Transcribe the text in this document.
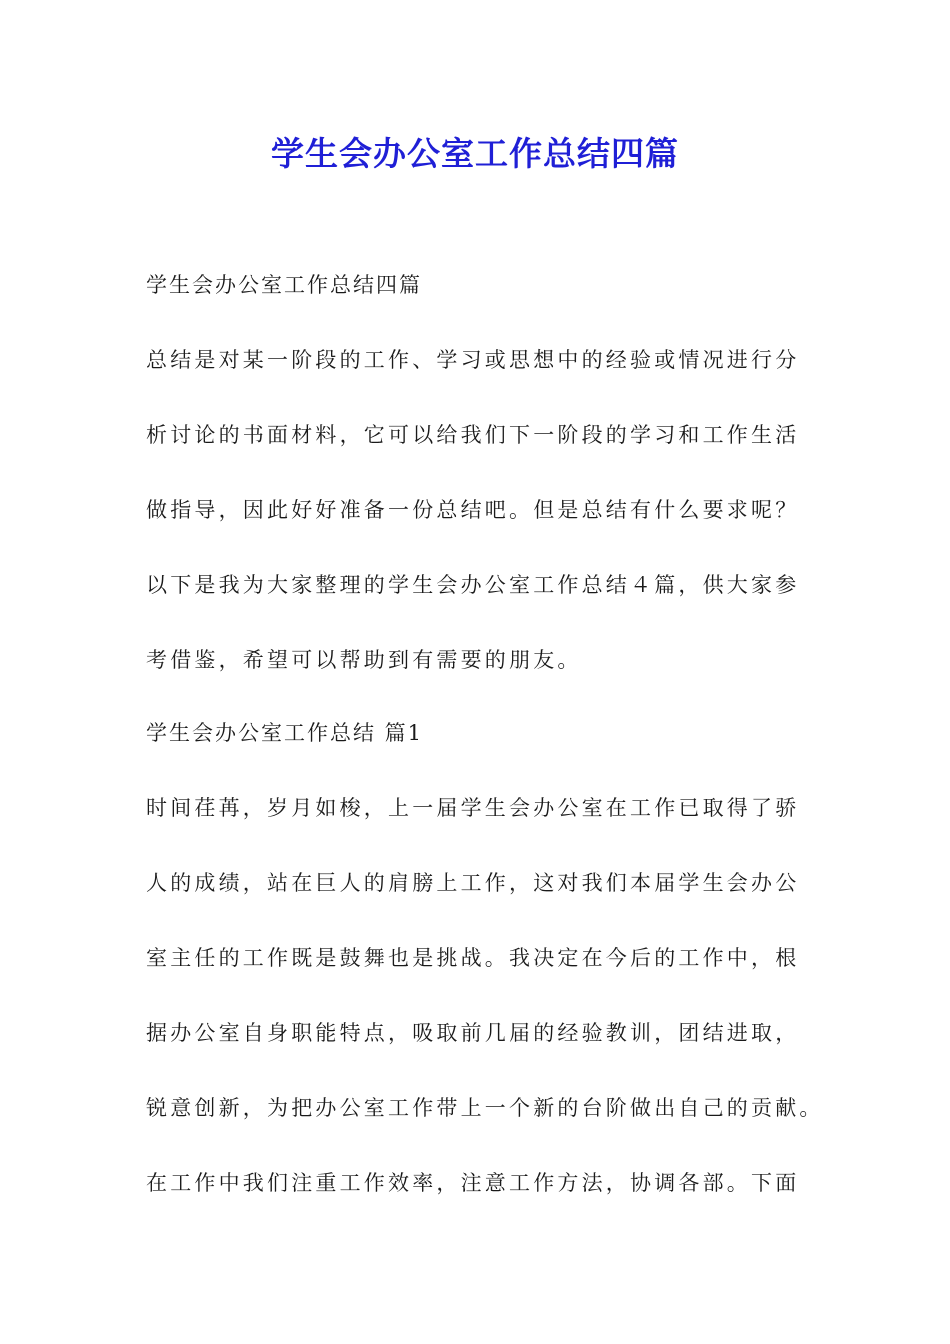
学生会办公室工作总结四篇
学生会办公室工作总结四篇
总结是对某一阶段的工作、学习或思想中的经验或情况进行分
析讨论的书面材料，它可以给我们下一阶段的学习和工作生活
做指导，因此好好准备一份总结吧。但是总结有什么要求呢？
以下是我为大家整理的学生会办公室工作总结４篇，供大家参
考借鉴，希望可以帮助到有需要的朋友。
学生会办公室工作总结 篇1
时间荏苒，岁月如梭，上一届学生会办公室在工作已取得了骄
人的成绩，站在巨人的肩膀上工作，这对我们本届学生会办公
室主任的工作既是鼓舞也是挑战。我决定在今后的工作中，根
据办公室自身职能特点，吸取前几届的经验教训，团结进取，
锐意创新，为把办公室工作带上一个新的台阶做出自己的贡献。
在工作中我们注重工作效率，注意工作方法，协调各部。下面
